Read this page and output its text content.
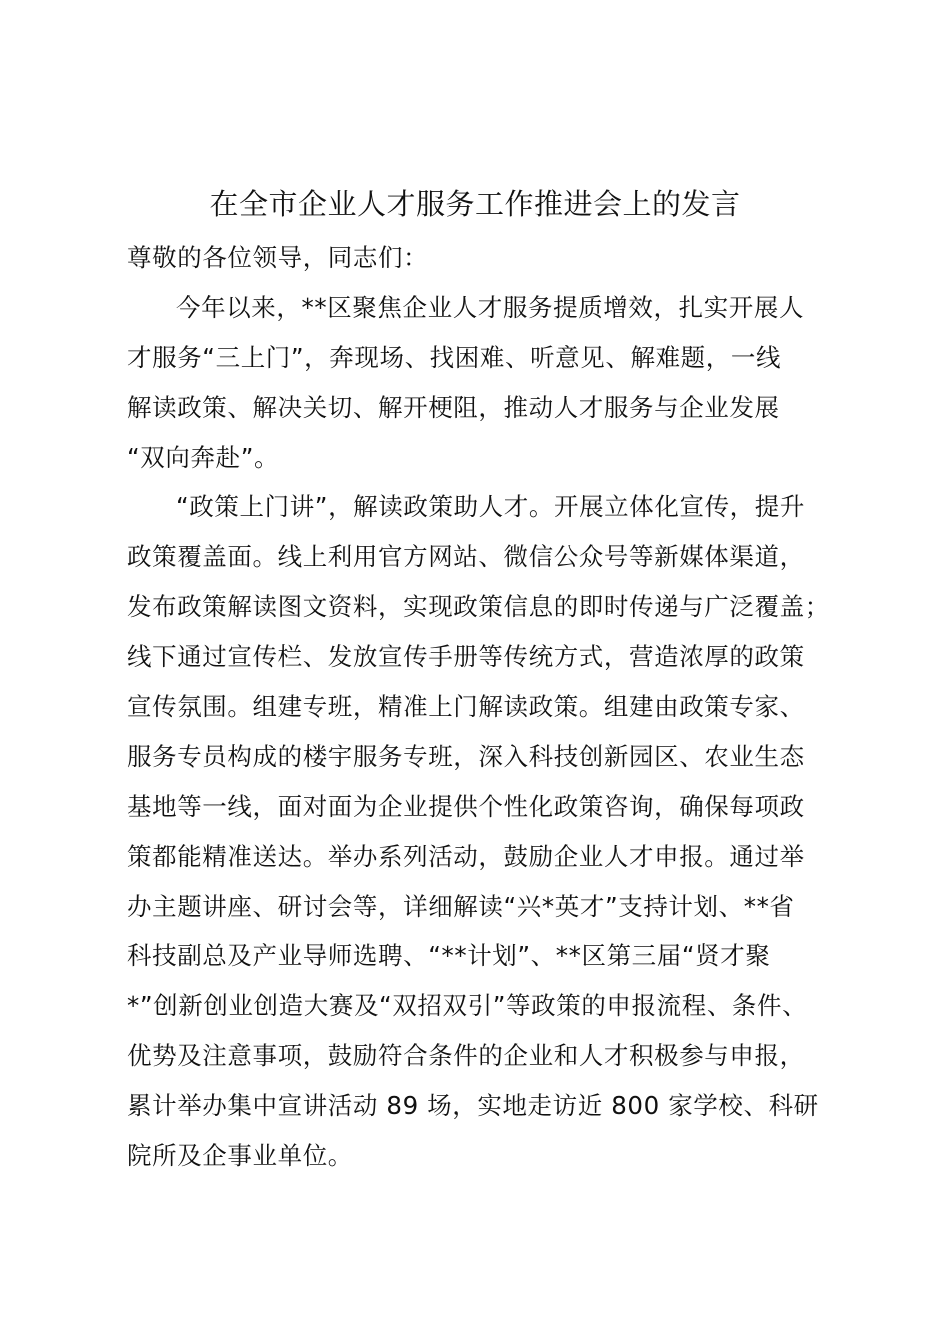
在全市企业人才服务工作推进会上的发言
尊敬的各位领导，同志们：
今年以来，**区聚焦企业人才服务提质增效，扎实开展人
才服务“三上门”，奔现场、找困难、听意见、解难题，一线
解读政策、解决关切、解开梗阻，推动人才服务与企业发展
“双向奔赴”。
“政策上门讲”，解读政策助人才。开展立体化宣传，提升
政策覆盖面。线上利用官方网站、微信公众号等新媒体渠道，
发布政策解读图文资料，实现政策信息的即时传递与广泛覆盖；
线下通过宣传栏、发放宣传手册等传统方式，营造浓厚的政策
宣传氛围。组建专班，精准上门解读政策。组建由政策专家、
服务专员构成的楼宇服务专班，深入科技创新园区、农业生态
基地等一线，面对面为企业提供个性化政策咨询，确保每项政
策都能精准送达。举办系列活动，鼓励企业人才申报。通过举
办主题讲座、研讨会等，详细解读“兴*英才”支持计划、**省
科技副总及产业导师选聘、“**计划”、**区第三届“贤才聚
*”创新创业创造大赛及“双招双引”等政策的申报流程、条件、
优势及注意事项，鼓励符合条件的企业和人才积极参与申报，
累计举办集中宣讲活动 89 场，实地走访近 800 家学校、科研
院所及企事业单位。
